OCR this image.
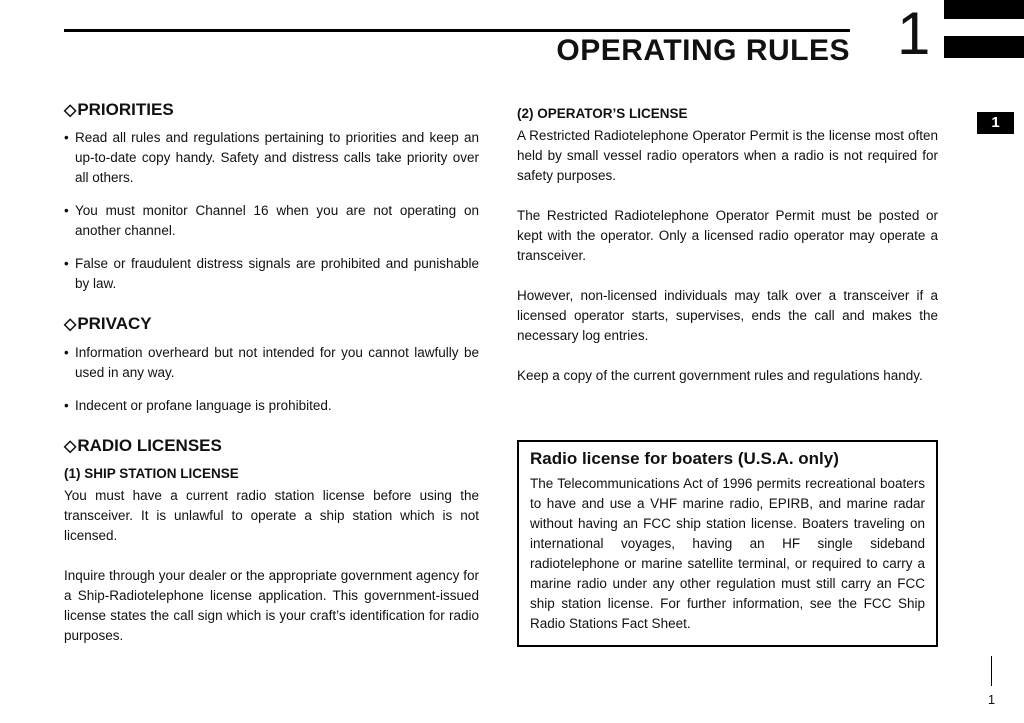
OPERATING RULES 1
1
1
◇PRIORITIES
• Read all rules and regulations pertaining to priorities and keep an up-to-date copy handy. Safety and distress calls take priority over all others.
• You must monitor Channel 16 when you are not operating on another channel.
• False or fraudulent distress signals are prohibited and punishable by law.
◇PRIVACY
• Information overheard but not intended for you cannot lawfully be used in any way.
• Indecent or profane language is prohibited.
◇RADIO LICENSES
(1) SHIP STATION LICENSE

You must have a current radio station license before using the transceiver. It is unlawful to operate a ship station which is not licensed.

Inquire through your dealer or the appropriate government agency for a Ship-Radiotelephone license application. This government-issued license states the call sign which is your craft’s identification for radio purposes.

(2) OPERATOR’S LICENSE

A Restricted Radiotelephone Operator Permit is the license most often held by small vessel radio operators when a radio is not required for safety purposes.

The Restricted Radiotelephone Operator Permit must be posted or kept with the operator. Only a licensed radio operator may operate a transceiver.

However, non-licensed individuals may talk over a transceiver if a licensed operator starts, supervises, ends the call and makes the necessary log entries.

Keep a copy of the current government rules and regulations handy.

Radio license for boaters (U.S.A. only)
The Telecommunications Act of 1996 permits recreational boaters to have and use a VHF marine radio, EPIRB, and marine radar without having an FCC ship station license. Boaters traveling on international voyages, having an HF single sideband radiotelephone or marine satellite terminal, or required to carry a marine radio under any other regulation must still carry an FCC ship station license. For further information, see the FCC Ship Radio Stations Fact Sheet.
